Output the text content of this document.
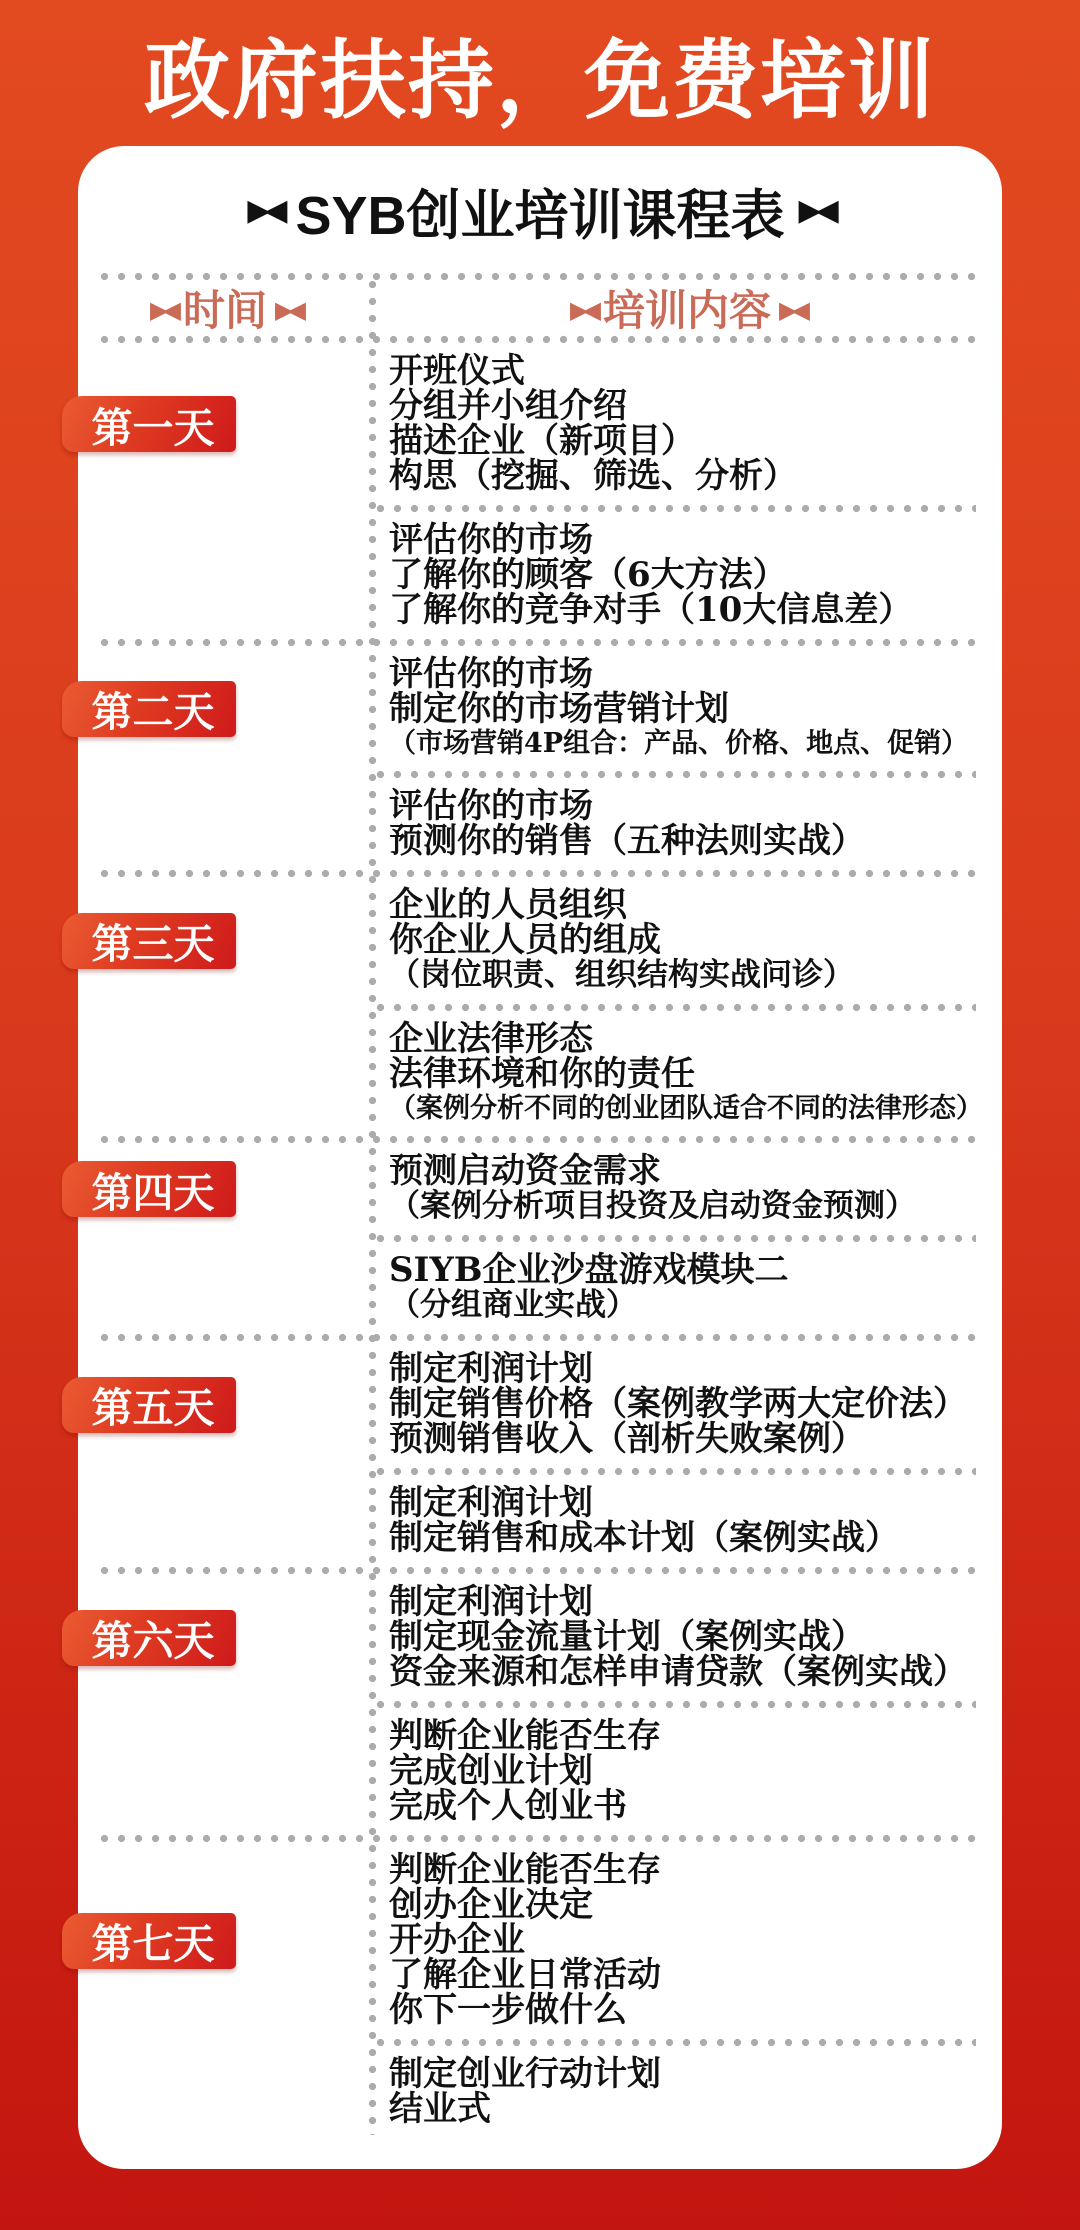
政府扶持，免费培训
▶◀ SYB创业培训课程表 ▶◀
▶◀ 时间 ▶◀	▶◀ 培训内容 ▶◀
第一天
开班仪式
分组并小组介绍
描述企业（新项目）
构思（挖掘、筛选、分析）
评估你的市场
了解你的顾客（6大方法）
了解你的竞争对手（10大信息差）
第二天
评估你的市场
制定你的市场营销计划
（市场营销4P组合：产品、价格、地点、促销）
评估你的市场
预测你的销售（五种法则实战）
第三天
企业的人员组织
你企业人员的组成
（岗位职责、组织结构实战问诊）
企业法律形态
法律环境和你的责任
（案例分析不同的创业团队适合不同的法律形态）
第四天	预测启动资金需求
（案例分析项目投资及启动资金预测）
SIYB企业沙盘游戏模块二
（分组商业实战）
第五天
制定利润计划
制定销售价格（案例教学两大定价法）
预测销售收入（剖析失败案例）
制定利润计划
制定销售和成本计划（案例实战）
第六天
制定利润计划
制定现金流量计划（案例实战）
资金来源和怎样申请贷款（案例实战）
判断企业能否生存
完成创业计划
完成个人创业书
第七天
判断企业能否生存
创办企业决定
开办企业
了解企业日常活动
你下一步做什么
制定创业行动计划
结业式
